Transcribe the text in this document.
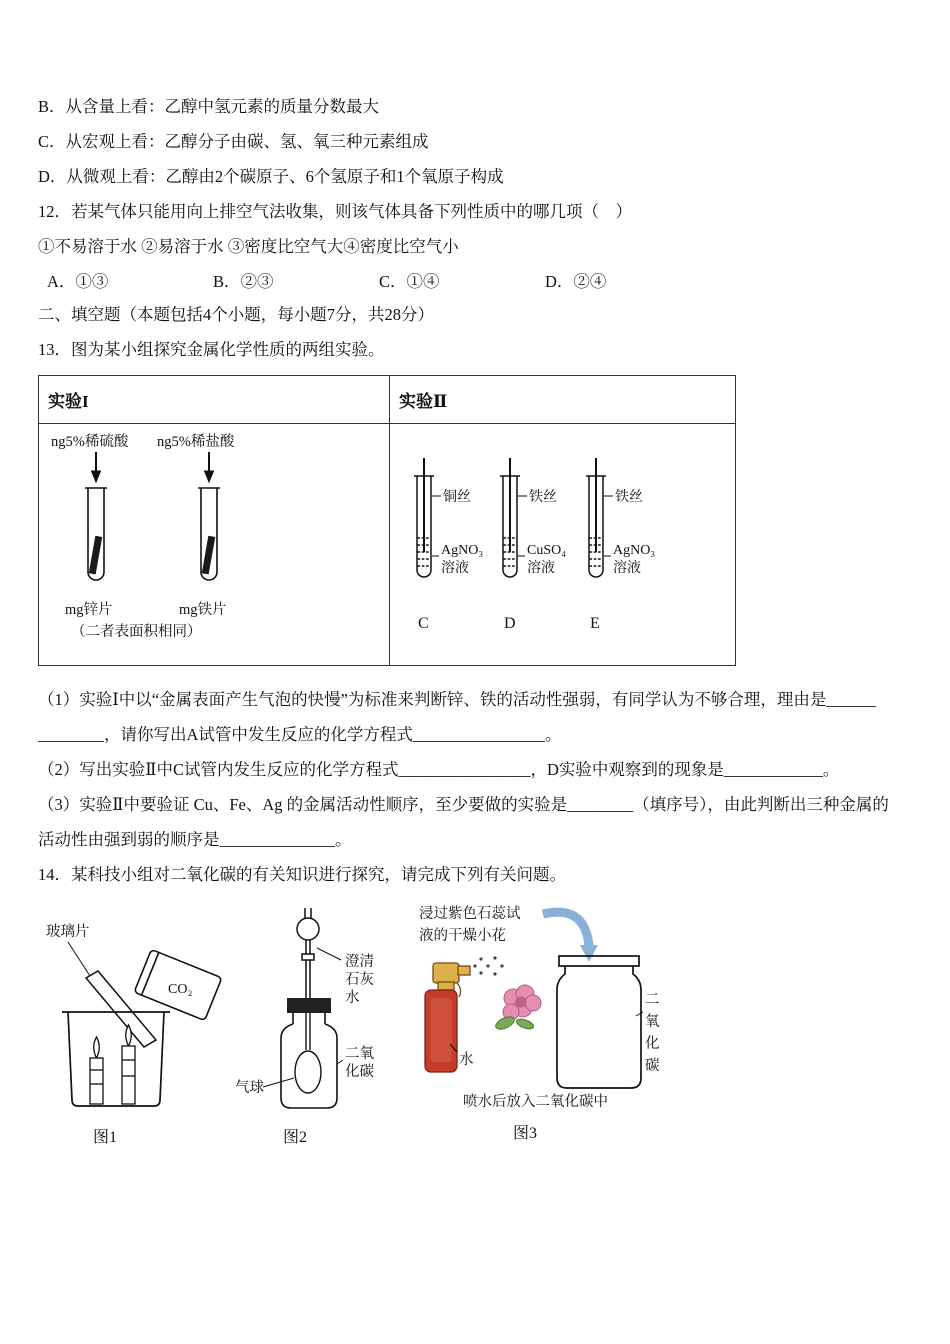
B．从含量上看：乙醇中氢元素的质量分数最大

C．从宏观上看：乙醇分子由碳、氢、氧三种元素组成

D．从微观上看：乙醇由2个碳原子、6个氢原子和1个氧原子构成

12．若某气体只能用向上排空气法收集，则该气体具备下列性质中的哪几项（　）

①不易溶于水 ②易溶于水 ③密度比空气大④密度比空气小

A．①③	B．②③	C．①④	D．②④

二、填空题（本题包括4个小题，每小题7分，共28分）

13．图为某小组探究金属化学性质的两组实验。

实验I	实验Ⅱ

ng5%稀硫酸 ng5%稀盐酸
mg锌片	mg铁片
（二者表面积相同）

铜丝
AgNO₃
溶液
C
铁丝
CuSO₄
溶液
D
铁丝
AgNO₃
溶液
E

（1）实验Ⅰ中以“金属表面产生气泡的快慢”为标准来判断锌、铁的活动性强弱，有同学认为不够合理，理由是______

________，请你写出A试管中发生反应的化学方程式________________。

（2）写出实验Ⅱ中C试管内发生反应的化学方程式________________，D实验中观察到的现象是____________。

（3）实验Ⅱ中要验证 Cu、Fe、Ag 的金属活动性顺序，至少要做的实验是________（填序号），由此判断出三种金属的

活动性由强到弱的顺序是______________。

14．某科技小组对二氧化碳的有关知识进行探究，请完成下列有关问题。

玻璃片
CO₂
图1
澄清
石灰
水
气球
二氧
化碳
图2
浸过紫色石蕊试
液的干燥小花
水
二
氧
化
碳
喷水后放入二氧化碳中
图3
